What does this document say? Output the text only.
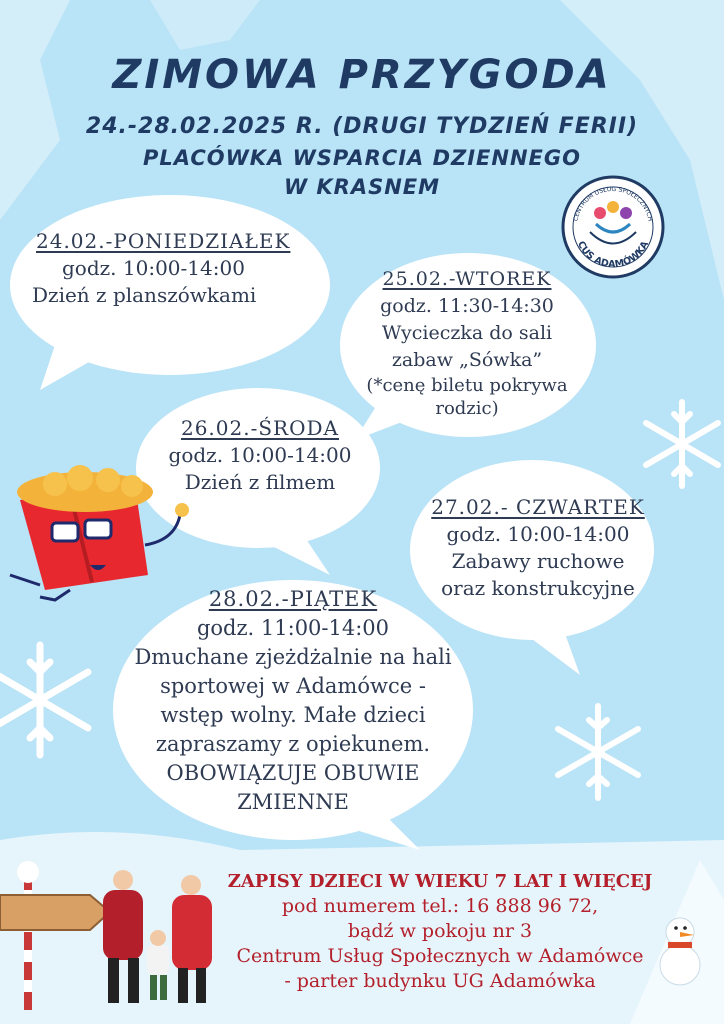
CENTRUM USŁUG SPOŁECZNYCH
CUS ADAMÓWKA
ZIMOWA PRZYGODA
24.-28.02.2025 R. (DRUGI TYDZIEŃ FERII)
PLACÓWKA WSPARCIA DZIENNEGO
W KRASNEM
24.02.-PONIEDZIAŁEK
godz. 10:00-14:00
Dzień z planszówkami
25.02.-WTOREK
godz. 11:30-14:30
Wycieczka do sali
zabaw „Sówka”
(*cenę biletu pokrywa
rodzic)
26.02.-ŚRODA
godz. 10:00-14:00
Dzień z filmem
27.02.- CZWARTEK
godz. 10:00-14:00
Zabawy ruchowe
oraz konstrukcyjne
28.02.-PIĄTEK
godz. 11:00-14:00
Dmuchane zjeżdżalnie na hali
sportowej w Adamówce -
wstęp wolny. Małe dzieci
zapraszamy z opiekunem.
OBOWIĄZUJE OBUWIE
ZMIENNE
ZAPISY DZIECI W WIEKU 7 LAT I WIĘCEJ
pod numerem tel.: 16 888 96 72,
bądź w pokoju nr 3
Centrum Usług Społecznych w Adamówce
- parter budynku UG Adamówka
